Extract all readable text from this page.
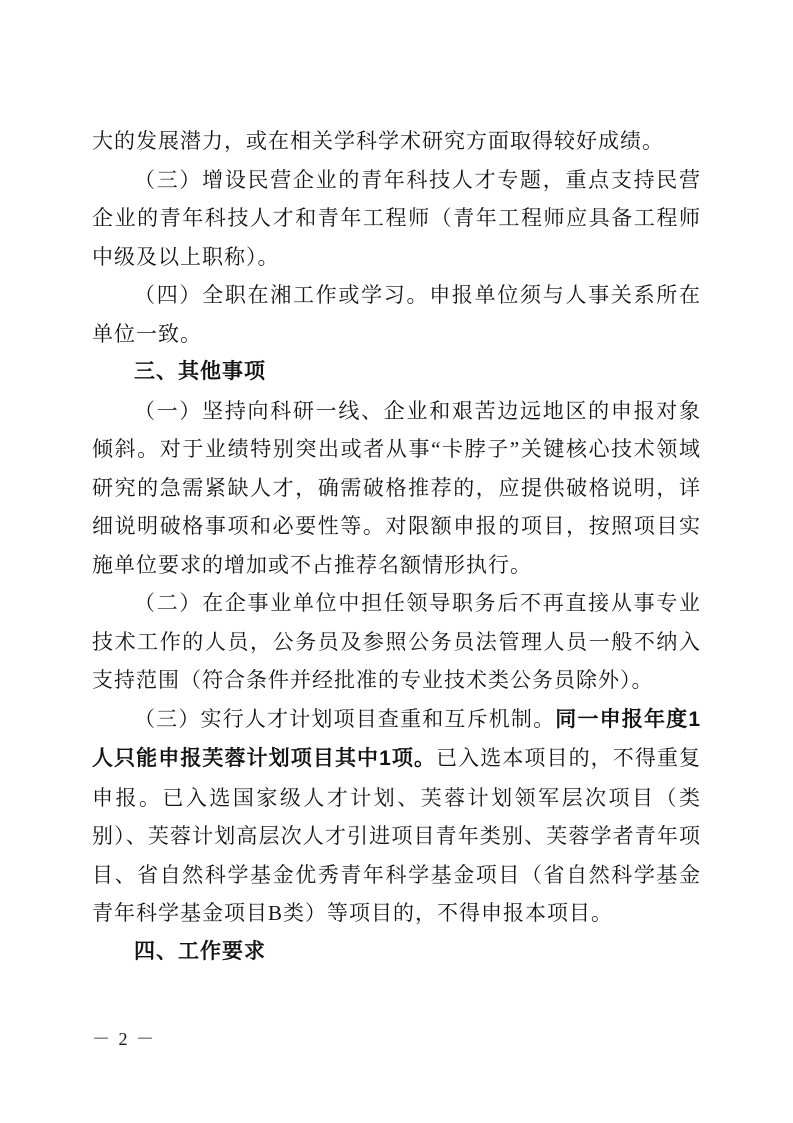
大的发展潜力，或在相关学科学术研究方面取得较好成绩。

（三）增设民营企业的青年科技人才专题，重点支持民营企业的青年科技人才和青年工程师（青年工程师应具备工程师中级及以上职称）。

（四）全职在湘工作或学习。申报单位须与人事关系所在单位一致。

三、其他事项

（一）坚持向科研一线、企业和艰苦边远地区的申报对象倾斜。对于业绩特别突出或者从事“卡脖子”关键核心技术领域研究的急需紧缺人才，确需破格推荐的，应提供破格说明，详细说明破格事项和必要性等。对限额申报的项目，按照项目实施单位要求的增加或不占推荐名额情形执行。

（二）在企事业单位中担任领导职务后不再直接从事专业技术工作的人员，公务员及参照公务员法管理人员一般不纳入支持范围（符合条件并经批准的专业技术类公务员除外）。

（三）实行人才计划项目查重和互斥机制。同一申报年度1人只能申报芙蓉计划项目其中1项。已入选本项目的，不得重复申报。已入选国家级人才计划、芙蓉计划领军层次项目（类别）、芙蓉计划高层次人才引进项目青年类别、芙蓉学者青年项目、省自然科学基金优秀青年科学基金项目（省自然科学基金青年科学基金项目B类）等项目的，不得申报本项目。

四、工作要求

－ 2 －
